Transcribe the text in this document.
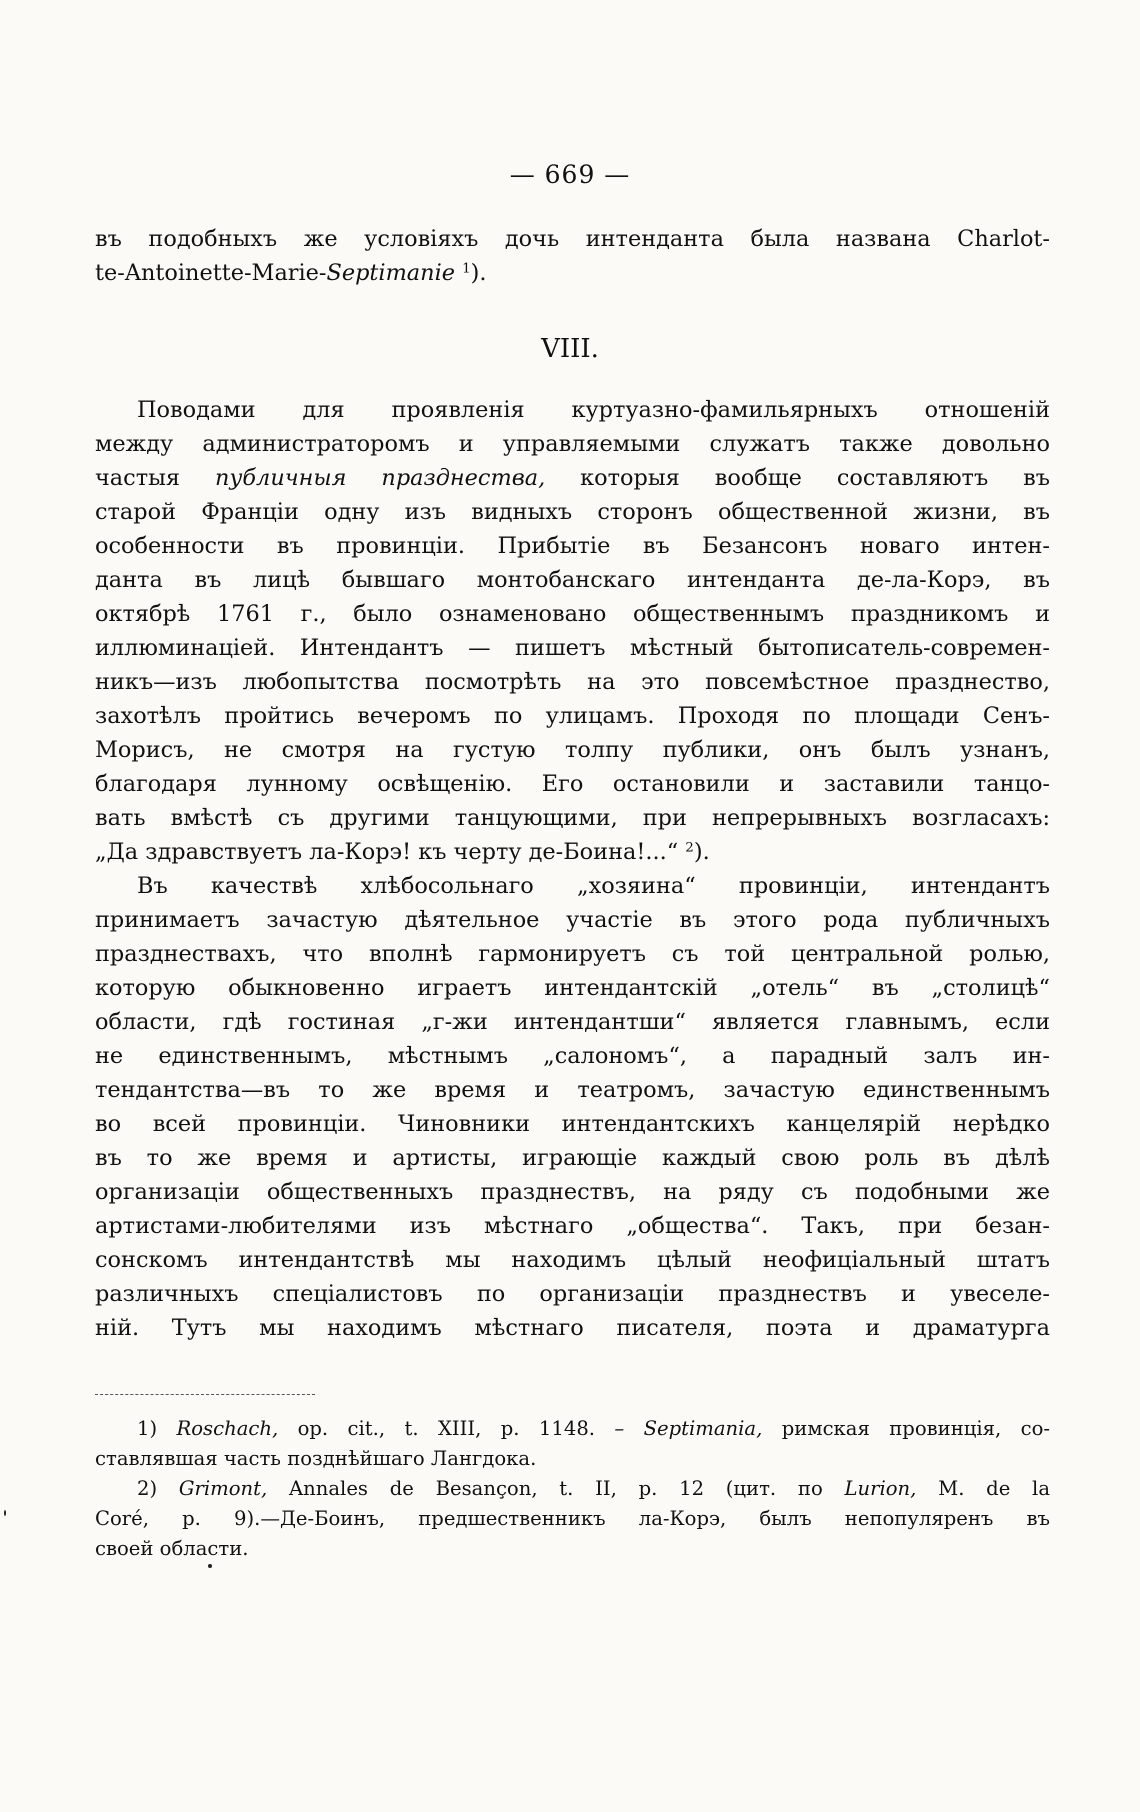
— 669 —
въ подобныхъ же условіяхъ дочь интенданта была названа Charlot-
te-Antoinette-Marie-Septimanie $^1$).
VIII.
Поводами для проявленія куртуазно-фамильярныхъ отношеній
между администраторомъ и управляемыми служатъ также довольно
частыя публичныя празднества, которыя вообще составляютъ въ
старой Франціи одну изъ видныхъ сторонъ общественной жизни, въ
особенности въ провинціи. Прибытіе въ Безансонъ новаго интен-
данта въ лицѣ бывшаго монтобанскаго интенданта де-ла-Корэ, въ
октябрѣ 1761 г., было ознаменовано общественнымъ праздникомъ и
иллюминаціей. Интендантъ — пишетъ мѣстный бытописатель-современ-
никъ—изъ любопытства посмотрѣть на это повсемѣстное празднество,
захотѣлъ пройтись вечеромъ по улицамъ. Проходя по площади Сенъ-
Морисъ, не смотря на густую толпу публики, онъ былъ узнанъ,
благодаря лунному освѣщенію. Его остановили и заставили танцо-
вать вмѣстѣ съ другими танцующими, при непрерывныхъ возгласахъ:
„Да здравствуетъ ла-Корэ! къ черту де-Боина!...“ $^2$).
Въ качествѣ хлѣбосольнаго „хозяина“ провинціи, интендантъ
принимаетъ зачастую дѣятельное участіе въ этого рода публичныхъ
празднествахъ, что вполнѣ гармонируетъ съ той центральной ролью,
которую обыкновенно играетъ интендантскій „отель“ въ „столицѣ“
области, гдѣ гостиная „г-жи интендантши“ является главнымъ, если
не единственнымъ, мѣстнымъ „салономъ“, а парадный залъ ин-
тендантства—въ то же время и театромъ, зачастую единственнымъ
во всей провинціи. Чиновники интендантскихъ канцелярій нерѣдко
въ то же время и артисты, играющіе каждый свою роль въ дѣлѣ
организаціи общественныхъ празднествъ, на ряду съ подобными же
артистами-любителями изъ мѣстнаго „общества“. Такъ, при безан-
сонскомъ интендантствѣ мы находимъ цѣлый неофиціальный штатъ
различныхъ спеціалистовъ по организаціи празднествъ и увеселе-
ній. Тутъ мы находимъ мѣстнаго писателя, поэта и драматурга
1) Roschach, op. cit., t. XIII, p. 1148. – Septimania, римская провинція, со-
ставлявшая часть позднѣйшаго Лангдока.
2) Grimont, Annales de Besançon, t. II, p. 12 (цит. по Lurion, M. de la
Coré, p. 9).—Де-Боинъ, предшественникъ ла-Корэ, былъ непопуляренъ въ
своей области.
